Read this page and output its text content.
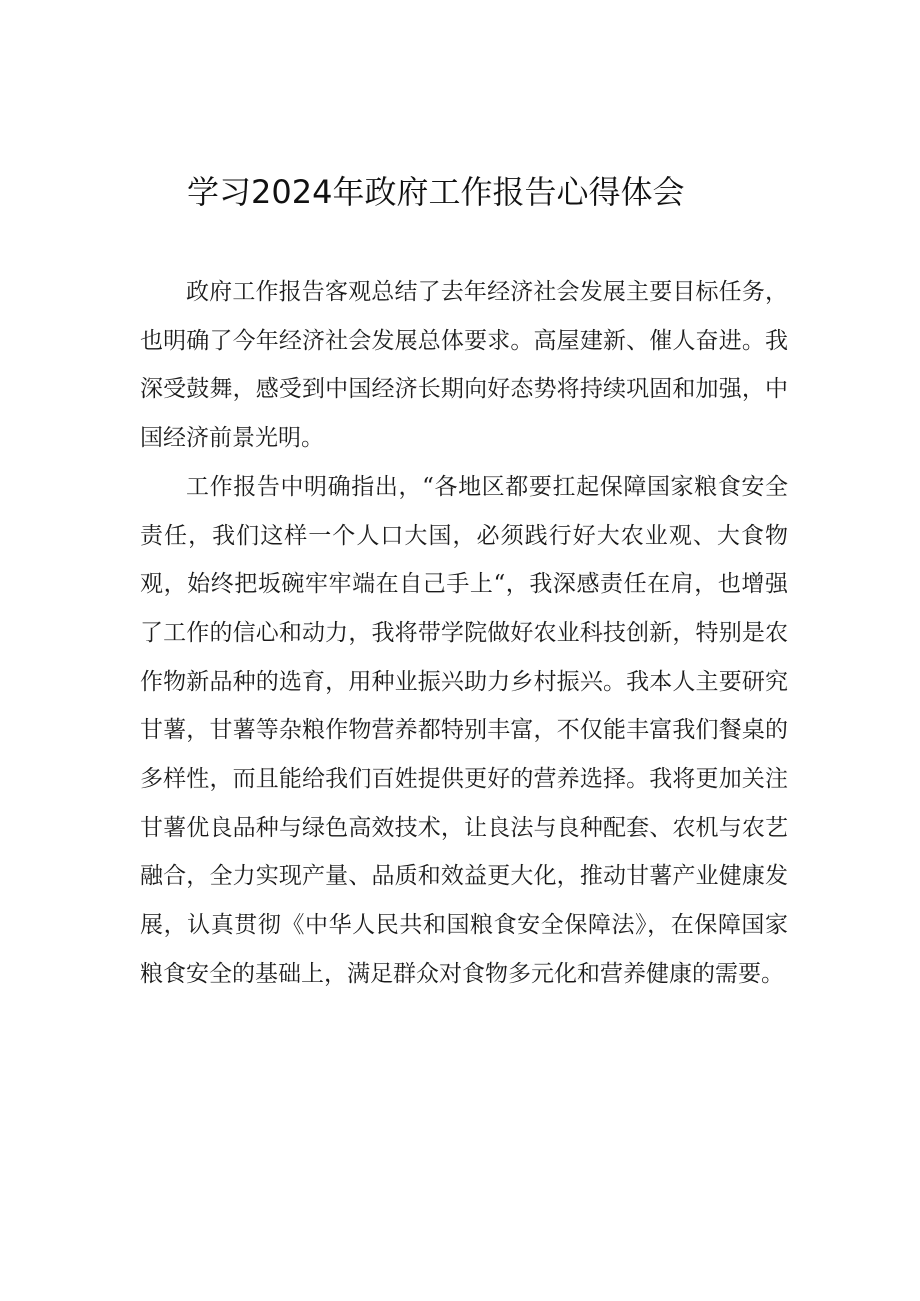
学习2024年政府工作报告心得体会

政府工作报告客观总结了去年经济社会发展主要目标任务，也明确了今年经济社会发展总体要求。高屋建新、催人奋进。我深受鼓舞，感受到中国经济长期向好态势将持续巩固和加强，中国经济前景光明。

工作报告中明确指出，“各地区都要扛起保障国家粮食安全责任，我们这样一个人口大国，必须践行好大农业观、大食物观，始终把坂碗牢牢端在自己手上“，我深感责任在肩，也增强了工作的信心和动力，我将带学院做好农业科技创新，特别是农作物新品种的选育，用种业振兴助力乡村振兴。我本人主要研究甘薯，甘薯等杂粮作物营养都特别丰富，不仅能丰富我们餐桌的多样性，而且能给我们百姓提供更好的营养选择。我将更加关注甘薯优良品种与绿色高效技术，让良法与良种配套、农机与农艺融合，全力实现产量、品质和效益更大化，推动甘薯产业健康发展，认真贯彻《中华人民共和国粮食安全保障法》，在保障国家粮食安全的基础上，满足群众对食物多元化和营养健康的需要。
